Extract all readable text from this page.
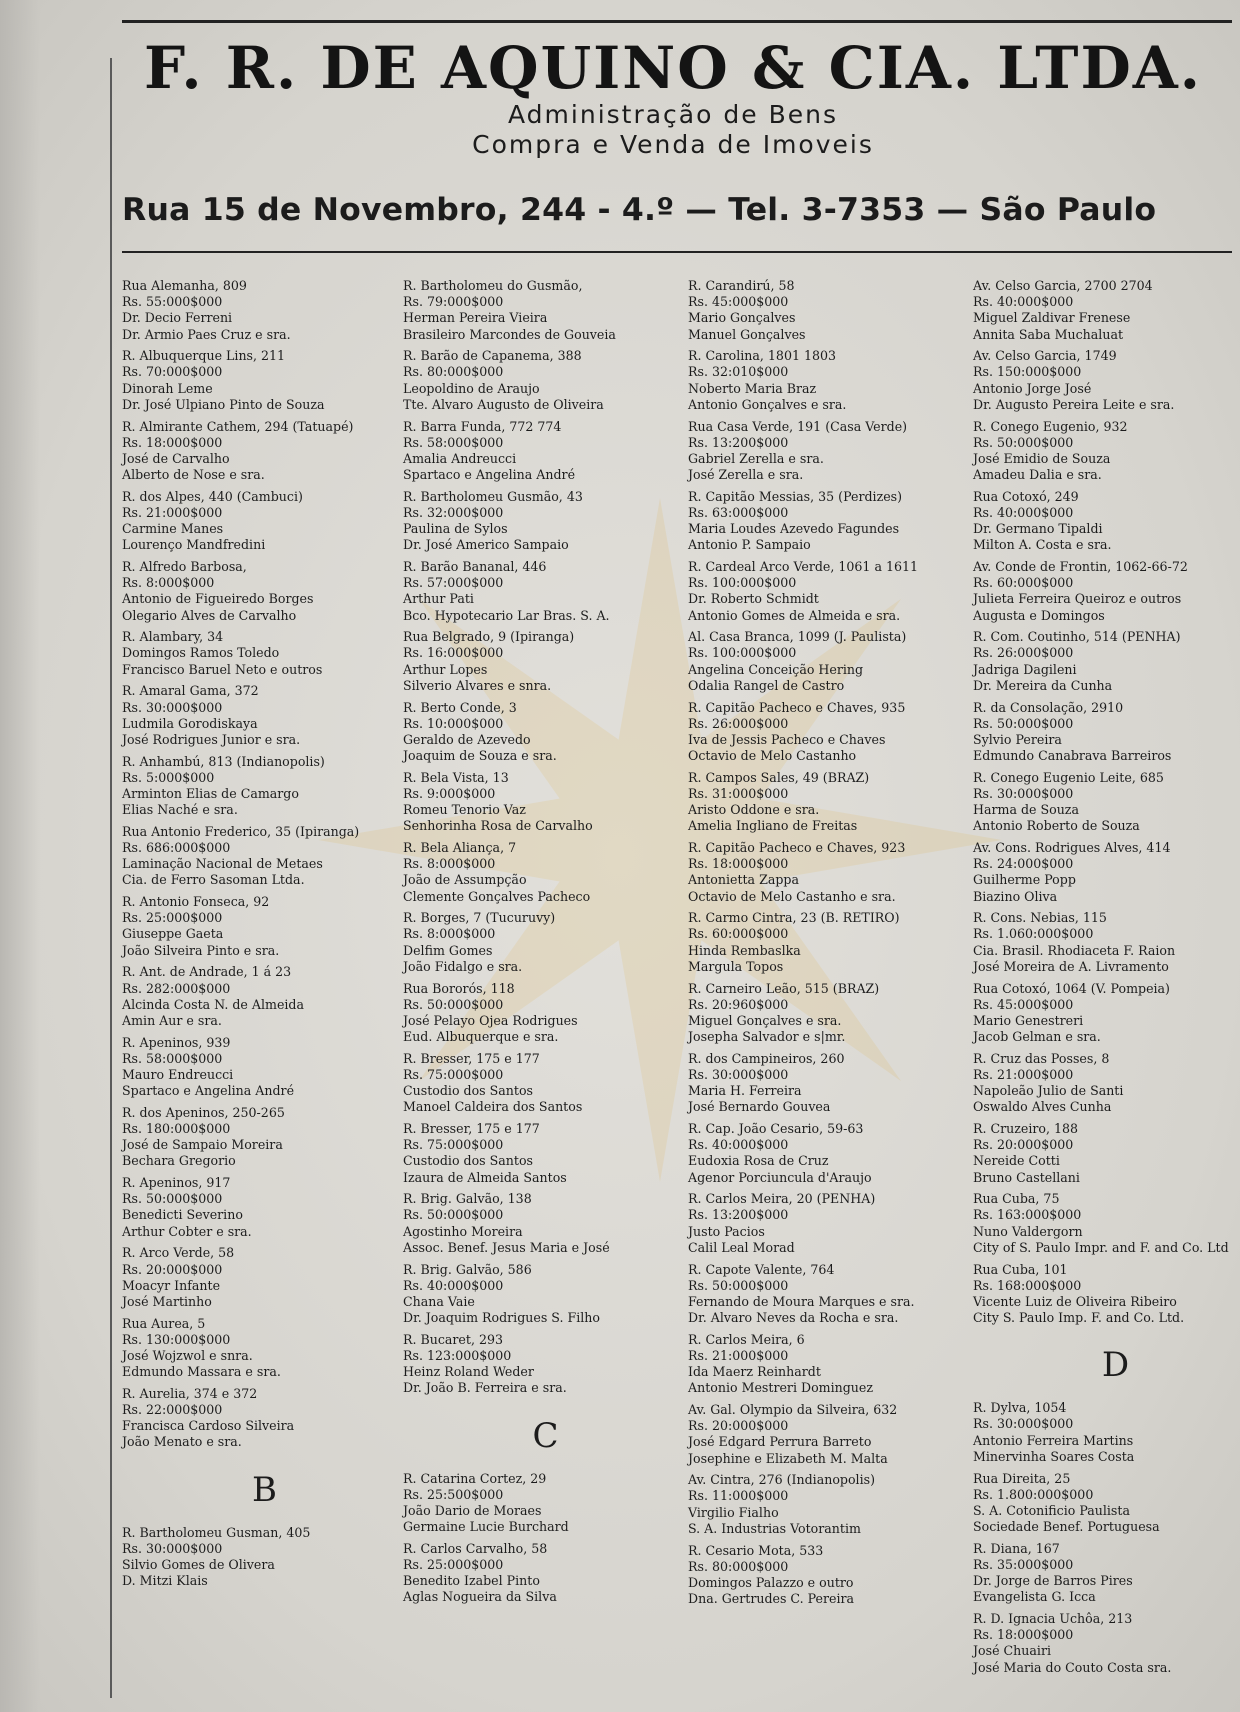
F. R. DE AQUINO & CIA. LTDA.
Administração de Bens
Compra e Venda de Imoveis
Rua 15 de Novembro, 244 - 4.º — Tel. 3-7353 — São Paulo
Rua Alemanha, 809
Rs. 55:000$000
Dr. Decio Ferreni
Dr. Armio Paes Cruz e sra.
R. Albuquerque Lins, 211
Rs. 70:000$000
Dinorah Leme
Dr. José Ulpiano Pinto de Souza
R. Almirante Cathem, 294 (Tatuapé)
Rs. 18:000$000
José de Carvalho
Alberto de Nose e sra.
R. dos Alpes, 440 (Cambuci)
Rs. 21:000$000
Carmine Manes
Lourenço Mandfredini
R. Alfredo Barbosa,
Rs. 8:000$000
Antonio de Figueiredo Borges
Olegario Alves de Carvalho
R. Alambary, 34
Domingos Ramos Toledo
Francisco Baruel Neto e outros
R. Amaral Gama, 372
Rs. 30:000$000
Ludmila Gorodiskaya
José Rodrigues Junior e sra.
R. Anhambú, 813 (Indianopolis)
Rs. 5:000$000
Arminton Elias de Camargo
Elias Naché e sra.
Rua Antonio Frederico, 35 (Ipiranga)
Rs. 686:000$000
Laminação Nacional de Metaes
Cia. de Ferro Sasoman Ltda.
R. Antonio Fonseca, 92
Rs. 25:000$000
Giuseppe Gaeta
João Silveira Pinto e sra.
R. Ant. de Andrade, 1 á 23
Rs. 282:000$000
Alcinda Costa N. de Almeida
Amin Aur e sra.
R. Apeninos, 939
Rs. 58:000$000
Mauro Endreucci
Spartaco e Angelina André
R. dos Apeninos, 250-265
Rs. 180:000$000
José de Sampaio Moreira
Bechara Gregorio
R. Apeninos, 917
Rs. 50:000$000
Benedicti Severino
Arthur Cobter e sra.
R. Arco Verde, 58
Rs. 20:000$000
Moacyr Infante
José Martinho
Rua Aurea, 5
Rs. 130:000$000
José Wojzwol e snra.
Edmundo Massara e sra.
R. Aurelia, 374 e 372
Rs. 22:000$000
Francisca Cardoso Silveira
João Menato e sra.
B
R. Bartholomeu Gusman, 405
Rs. 30:000$000
Silvio Gomes de Olivera
D. Mitzi Klais
R. Bartholomeu do Gusmão,
Rs. 79:000$000
Herman Pereira Vieira
Brasileiro Marcondes de Gouveia
R. Barão de Capanema, 388
Rs. 80:000$000
Leopoldino de Araujo
Tte. Alvaro Augusto de Oliveira
R. Barra Funda, 772 774
Rs. 58:000$000
Amalia Andreucci
Spartaco e Angelina André
R. Bartholomeu Gusmão, 43
Rs. 32:000$000
Paulina de Sylos
Dr. José Americo Sampaio
R. Barão Bananal, 446
Rs. 57:000$000
Arthur Pati
Bco. Hypotecario Lar Bras. S. A.
Rua Belgrado, 9 (Ipiranga)
Rs. 16:000$000
Arthur Lopes
Silverio Alvares e snra.
R. Berto Conde, 3
Rs. 10:000$000
Geraldo de Azevedo
Joaquim de Souza e sra.
R. Bela Vista, 13
Rs. 9:000$000
Romeu Tenorio Vaz
Senhorinha Rosa de Carvalho
R. Bela Aliança, 7
Rs. 8:000$000
João de Assumpção
Clemente Gonçalves Pacheco
R. Borges, 7 (Tucuruvy)
Rs. 8:000$000
Delfim Gomes
João Fidalgo e sra.
Rua Bororós, 118
Rs. 50:000$000
José Pelayo Ojea Rodrigues
Eud. Albuquerque e sra.
R. Bresser, 175 e 177
Rs. 75:000$000
Custodio dos Santos
Manoel Caldeira dos Santos
R. Bresser, 175 e 177
Rs. 75:000$000
Custodio dos Santos
Izaura de Almeida Santos
R. Brig. Galvão, 138
Rs. 50:000$000
Agostinho Moreira
Assoc. Benef. Jesus Maria e José
R. Brig. Galvão, 586
Rs. 40:000$000
Chana Vaie
Dr. Joaquim Rodrigues S. Filho
R. Bucaret, 293
Rs. 123:000$000
Heinz Roland Weder
Dr. João B. Ferreira e sra.
C
R. Catarina Cortez, 29
Rs. 25:500$000
João Dario de Moraes
Germaine Lucie Burchard
R. Carlos Carvalho, 58
Rs. 25:000$000
Benedito Izabel Pinto
Aglas Nogueira da Silva
R. Carandirú, 58
Rs. 45:000$000
Mario Gonçalves
Manuel Gonçalves
R. Carolina, 1801 1803
Rs. 32:010$000
Noberto Maria Braz
Antonio Gonçalves e sra.
Rua Casa Verde, 191 (Casa Verde)
Rs. 13:200$000
Gabriel Zerella e sra.
José Zerella e sra.
R. Capitão Messias, 35 (Perdizes)
Rs. 63:000$000
Maria Loudes Azevedo Fagundes
Antonio P. Sampaio
R. Cardeal Arco Verde, 1061 a 1611
Rs. 100:000$000
Dr. Roberto Schmidt
Antonio Gomes de Almeida e sra.
Al. Casa Branca, 1099 (J. Paulista)
Rs. 100:000$000
Angelina Conceição Hering
Odalia Rangel de Castro
R. Capitão Pacheco e Chaves, 935
Rs. 26:000$000
Iva de Jessis Pacheco e Chaves
Octavio de Melo Castanho
R. Campos Sales, 49 (BRAZ)
Rs. 31:000$000
Aristo Oddone e sra.
Amelia Ingliano de Freitas
R. Capitão Pacheco e Chaves, 923
Rs. 18:000$000
Antonietta Zappa
Octavio de Melo Castanho e sra.
R. Carmo Cintra, 23 (B. RETIRO)
Rs. 60:000$000
Hinda Rembaslka
Margula Topos
R. Carneiro Leão, 515 (BRAZ)
Rs. 20:960$000
Miguel Gonçalves e sra.
Josepha Salvador e s|mr.
R. dos Campineiros, 260
Rs. 30:000$000
Maria H. Ferreira
José Bernardo Gouvea
R. Cap. João Cesario, 59-63
Rs. 40:000$000
Eudoxia Rosa de Cruz
Agenor Porciuncula d'Araujo
R. Carlos Meira, 20 (PENHA)
Rs. 13:200$000
Justo Pacios
Calil Leal Morad
R. Capote Valente, 764
Rs. 50:000$000
Fernando de Moura Marques e sra.
Dr. Alvaro Neves da Rocha e sra.
R. Carlos Meira, 6
Rs. 21:000$000
Ida Maerz Reinhardt
Antonio Mestreri Dominguez
Av. Gal. Olympio da Silveira, 632
Rs. 20:000$000
José Edgard Perrura Barreto
Josephine e Elizabeth M. Malta
Av. Cintra, 276 (Indianopolis)
Rs. 11:000$000
Virgilio Fialho
S. A. Industrias Votorantim
R. Cesario Mota, 533
Rs. 80:000$000
Domingos Palazzo e outro
Dna. Gertrudes C. Pereira
Av. Celso Garcia, 2700 2704
Rs. 40:000$000
Miguel Zaldivar Frenese
Annita Saba Muchaluat
Av. Celso Garcia, 1749
Rs. 150:000$000
Antonio Jorge José
Dr. Augusto Pereira Leite e sra.
R. Conego Eugenio, 932
Rs. 50:000$000
José Emidio de Souza
Amadeu Dalia e sra.
Rua Cotoxó, 249
Rs. 40:000$000
Dr. Germano Tipaldi
Milton A. Costa e sra.
Av. Conde de Frontin, 1062-66-72
Rs. 60:000$000
Julieta Ferreira Queiroz e outros
Augusta e Domingos
R. Com. Coutinho, 514 (PENHA)
Rs. 26:000$000
Jadriga Dagileni
Dr. Mereira da Cunha
R. da Consolação, 2910
Rs. 50:000$000
Sylvio Pereira
Edmundo Canabrava Barreiros
R. Conego Eugenio Leite, 685
Rs. 30:000$000
Harma de Souza
Antonio Roberto de Souza
Av. Cons. Rodrigues Alves, 414
Rs. 24:000$000
Guilherme Popp
Biazino Oliva
R. Cons. Nebias, 115
Rs. 1.060:000$000
Cia. Brasil. Rhodiaceta F. Raion
José Moreira de A. Livramento
Rua Cotoxó, 1064 (V. Pompeia)
Rs. 45:000$000
Mario Genestreri
Jacob Gelman e sra.
R. Cruz das Posses, 8
Rs. 21:000$000
Napoleão Julio de Santi
Oswaldo Alves Cunha
R. Cruzeiro, 188
Rs. 20:000$000
Nereide Cotti
Bruno Castellani
Rua Cuba, 75
Rs. 163:000$000
Nuno Valdergorn
City of S. Paulo Impr. and F. and Co. Ltd
Rua Cuba, 101
Rs. 168:000$000
Vicente Luiz de Oliveira Ribeiro
City S. Paulo Imp. F. and Co. Ltd.
D
R. Dylva, 1054
Rs. 30:000$000
Antonio Ferreira Martins
Minervinha Soares Costa
Rua Direita, 25
Rs. 1.800:000$000
S. A. Cotonificio Paulista
Sociedade Benef. Portuguesa
R. Diana, 167
Rs. 35:000$000
Dr. Jorge de Barros Pires
Evangelista G. Icca
R. D. Ignacia Uchôa, 213
Rs. 18:000$000
José Chuairi
José Maria do Couto Costa sra.
